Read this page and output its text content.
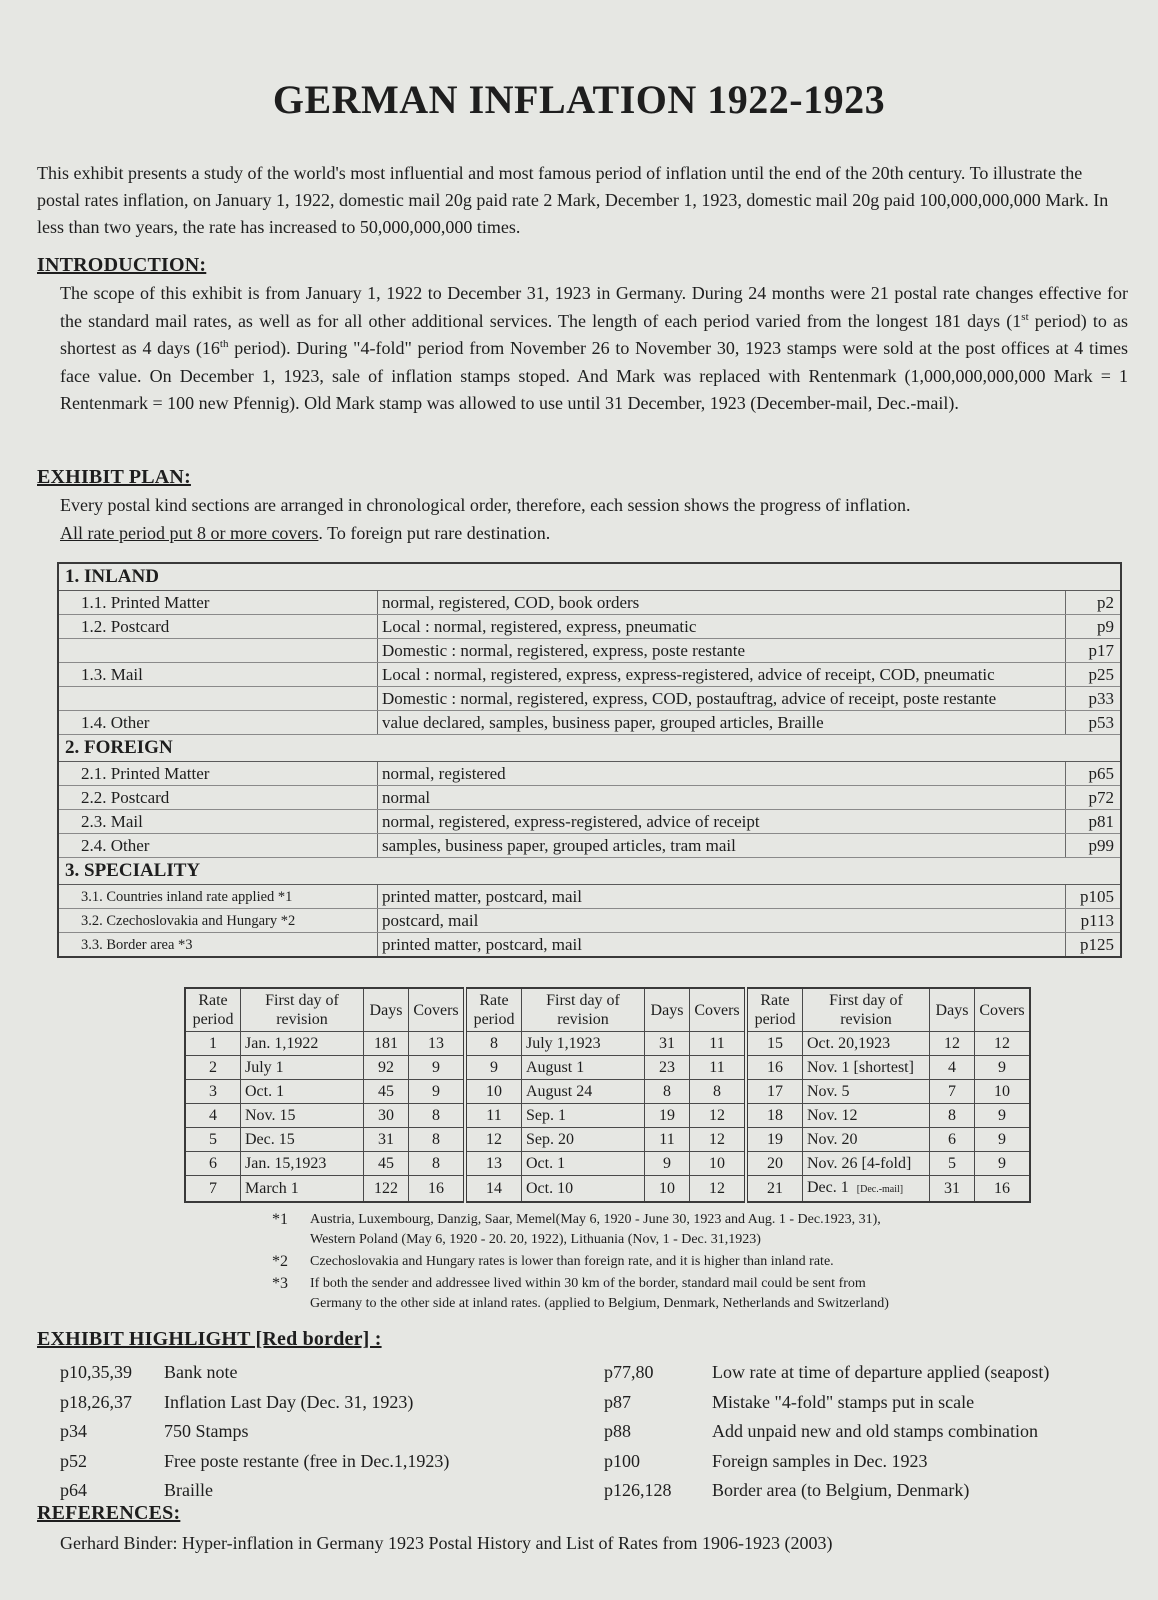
GERMAN INFLATION 1922-1923
This exhibit presents a study of the world's most influential and most famous period of inflation until the end of the 20th century. To illustrate the postal rates inflation, on January 1, 1922, domestic mail 20g paid rate 2 Mark, December 1, 1923, domestic mail 20g paid 100,000,000,000 Mark. In less than two years, the rate has increased to 50,000,000,000 times.
INTRODUCTION:

The scope of this exhibit is from January 1, 1922 to December 31, 1923 in Germany. During 24 months were 21 postal rate changes effective for the standard mail rates, as well as for all other additional services. The length of each period varied from the longest 181 days (1st period) to as shortest as 4 days (16th period). During "4-fold" period from November 26 to November 30, 1923 stamps were sold at the post offices at 4 times face value. On December 1, 1923, sale of inflation stamps stoped. And Mark was replaced with Rentenmark (1,000,000,000,000 Mark = 1 Rentenmark = 100 new Pfennig). Old Mark stamp was allowed to use until 31 December, 1923 (December-mail, Dec.-mail).

EXHIBIT PLAN:

Every postal kind sections are arranged in chronological order, therefore, each session shows the progress of inflation.

All rate period put 8 or more covers. To foreign put rare destination.

1. INLAND		
1.1. Printed Matter	normal, registered, COD, book orders	p2
1.2. Postcard	Local : normal, registered, express, pneumatic	p9
	Domestic : normal, registered, express, poste restante	p17
1.3. Mail	Local : normal, registered, express, express-registered, advice of receipt, COD, pneumatic	p25
	Domestic : normal, registered, express, COD, postauftrag, advice of receipt, poste restante	p33
1.4. Other	value declared, samples, business paper, grouped articles, Braille	p53
2. FOREIGN		
2.1. Printed Matter	normal, registered	p65
2.2. Postcard	normal	p72
2.3. Mail	normal, registered, express-registered, advice of receipt	p81
2.4. Other	samples, business paper, grouped articles, tram mail	p99
3. SPECIALITY		
3.1. Countries inland rate applied *1	printed matter, postcard, mail	p105
3.2. Czechoslovakia and Hungary *2	postcard, mail	p113
3.3. Border area *3	printed matter, postcard, mail	p125
Rate period	First day of revision	Days	Covers	Rate period	First day of revision	Days	Covers	Rate period	First day of revision	Days	Covers
1	Jan. 1,1922	181	13	8	July 1,1923	31	11	15	Oct. 20,1923	12	12
2	July 1	92	9	9	August 1	23	11	16	Nov. 1 [shortest]	4	9
3	Oct. 1	45	9	10	August 24	8	8	17	Nov. 5	7	10
4	Nov. 15	30	8	11	Sep. 1	19	12	18	Nov. 12	8	9
5	Dec. 15	31	8	12	Sep. 20	11	12	19	Nov. 20	6	9
6	Jan. 15,1923	45	8	13	Oct. 1	9	10	20	Nov. 26 [4-fold]	5	9
7	March 1	122	16	14	Oct. 10	10	12	21	Dec. 1 [Dec.-mail]	31	16
*1 Austria, Luxembourg, Danzig, Saar, Memel(May 6, 1920 - June 30, 1923 and Aug. 1 - Dec.1923, 31),
Western Poland (May 6, 1920 - 20. 20, 1922), Lithuania (Nov, 1 - Dec. 31,1923)
*2 Czechoslovakia and Hungary rates is lower than foreign rate, and it is higher than inland rate.
*3 If both the sender and addressee lived within 30 km of the border, standard mail could be sent from
Germany to the other side at inland rates. (applied to Belgium, Denmark, Netherlands and Switzerland)
EXHIBIT HIGHLIGHT [Red border] :
p10,35,39 Bank note
p18,26,37 Inflation Last Day (Dec. 31, 1923)
p34	750 Stamps
p52	Free poste restante (free in Dec.1,1923)
p64	Braille
p77,80	Low rate at time of departure applied (seapost)
p87	Mistake "4-fold" stamps put in scale
p88	Add unpaid new and old stamps combination
p100	Foreign samples in Dec. 1923
p126,128 Border area (to Belgium, Denmark)
REFERENCES:
Gerhard Binder: Hyper-inflation in Germany 1923 Postal History and List of Rates from 1906-1923 (2003)
